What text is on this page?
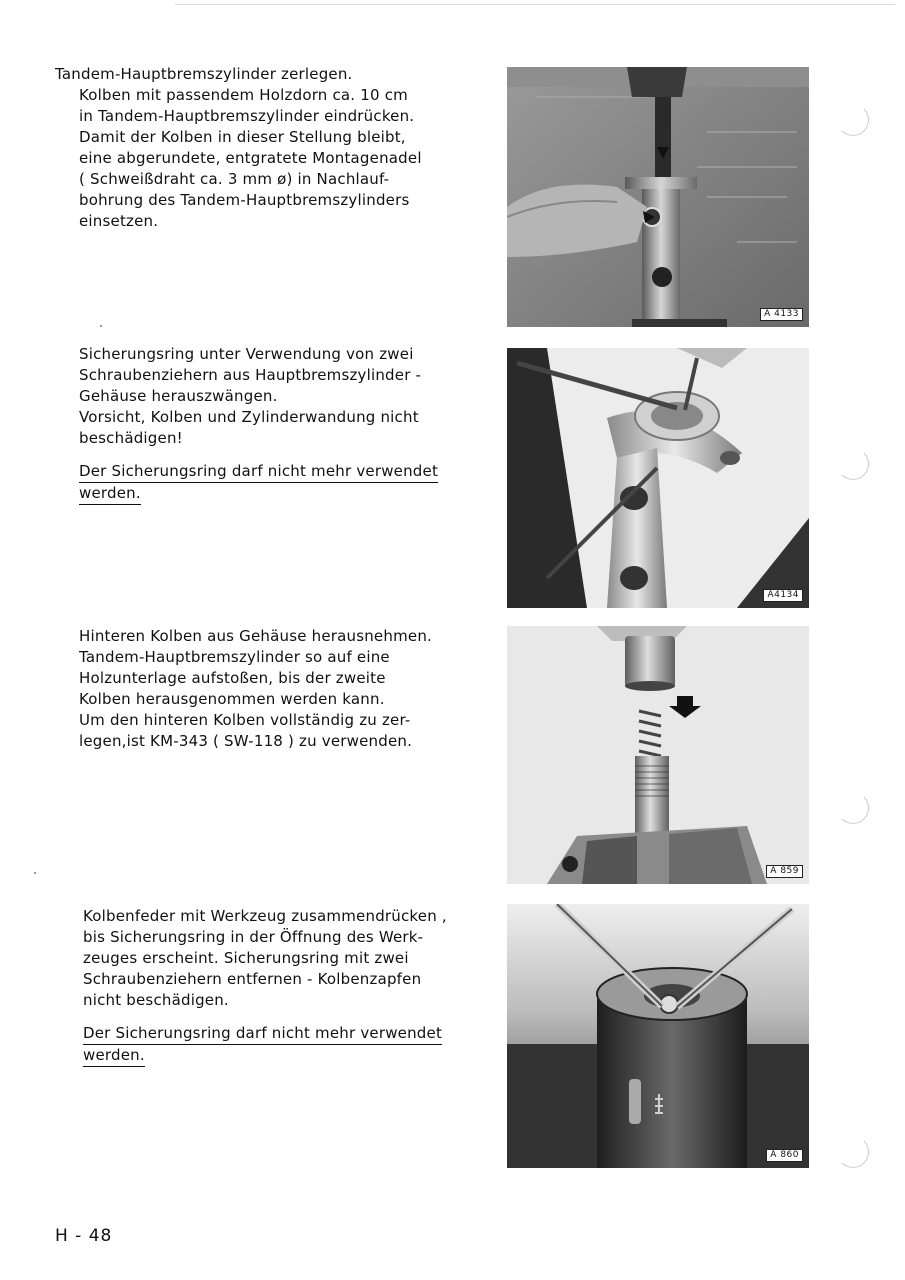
Tandem-Hauptbremszylinder zerlegen.

Kolben mit passendem Holzdorn ca. 10 cm

in Tandem-Hauptbremszylinder eindrücken.

Damit der Kolben in dieser Stellung bleibt,

eine abgerundete, entgratete Montagenadel

( Schweißdraht ca. 3 mm ø) in Nachlauf-

bohrung des Tandem-Hauptbremszylinders

einsetzen.

A 4133

Sicherungsring unter Verwendung von zwei

Schraubenziehern aus Hauptbremszylinder -

Gehäuse herauszwängen.

Vorsicht, Kolben und Zylinderwandung nicht

beschädigen!

Der Sicherungsring darf nicht mehr verwendet

werden.

A4134

Hinteren Kolben aus Gehäuse herausnehmen.

Tandem-Hauptbremszylinder so auf eine

Holzunterlage aufstoßen, bis der zweite

Kolben herausgenommen werden kann.

Um den hinteren Kolben vollständig zu zer-

legen,ist KM-343 ( SW-118 ) zu verwenden.

A 859

Kolbenfeder mit Werkzeug zusammendrücken ,

bis Sicherungsring in der Öffnung des Werk-

zeuges erscheint. Sicherungsring mit zwei

Schraubenziehern entfernen - Kolbenzapfen

nicht beschädigen.

Der Sicherungsring darf nicht mehr verwendet

werden.

A 860
H - 48
